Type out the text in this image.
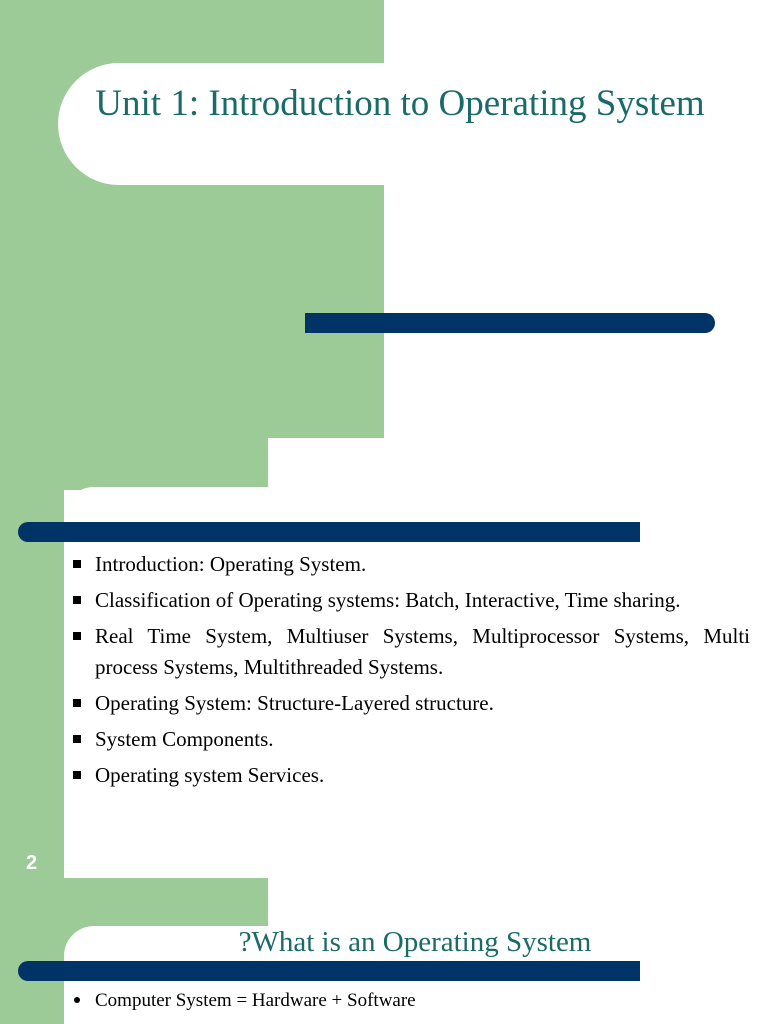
Unit 1: Introduction to Operating System
Introduction: Operating System.
Classification of Operating systems: Batch, Interactive, Time sharing.
Real Time System, Multiuser Systems, Multiprocessor Systems, Multi process Systems, Multithreaded Systems.
Operating System: Structure-Layered structure.
System Components.
Operating system Services.
2
?What is an Operating System
Computer System = Hardware + Software
